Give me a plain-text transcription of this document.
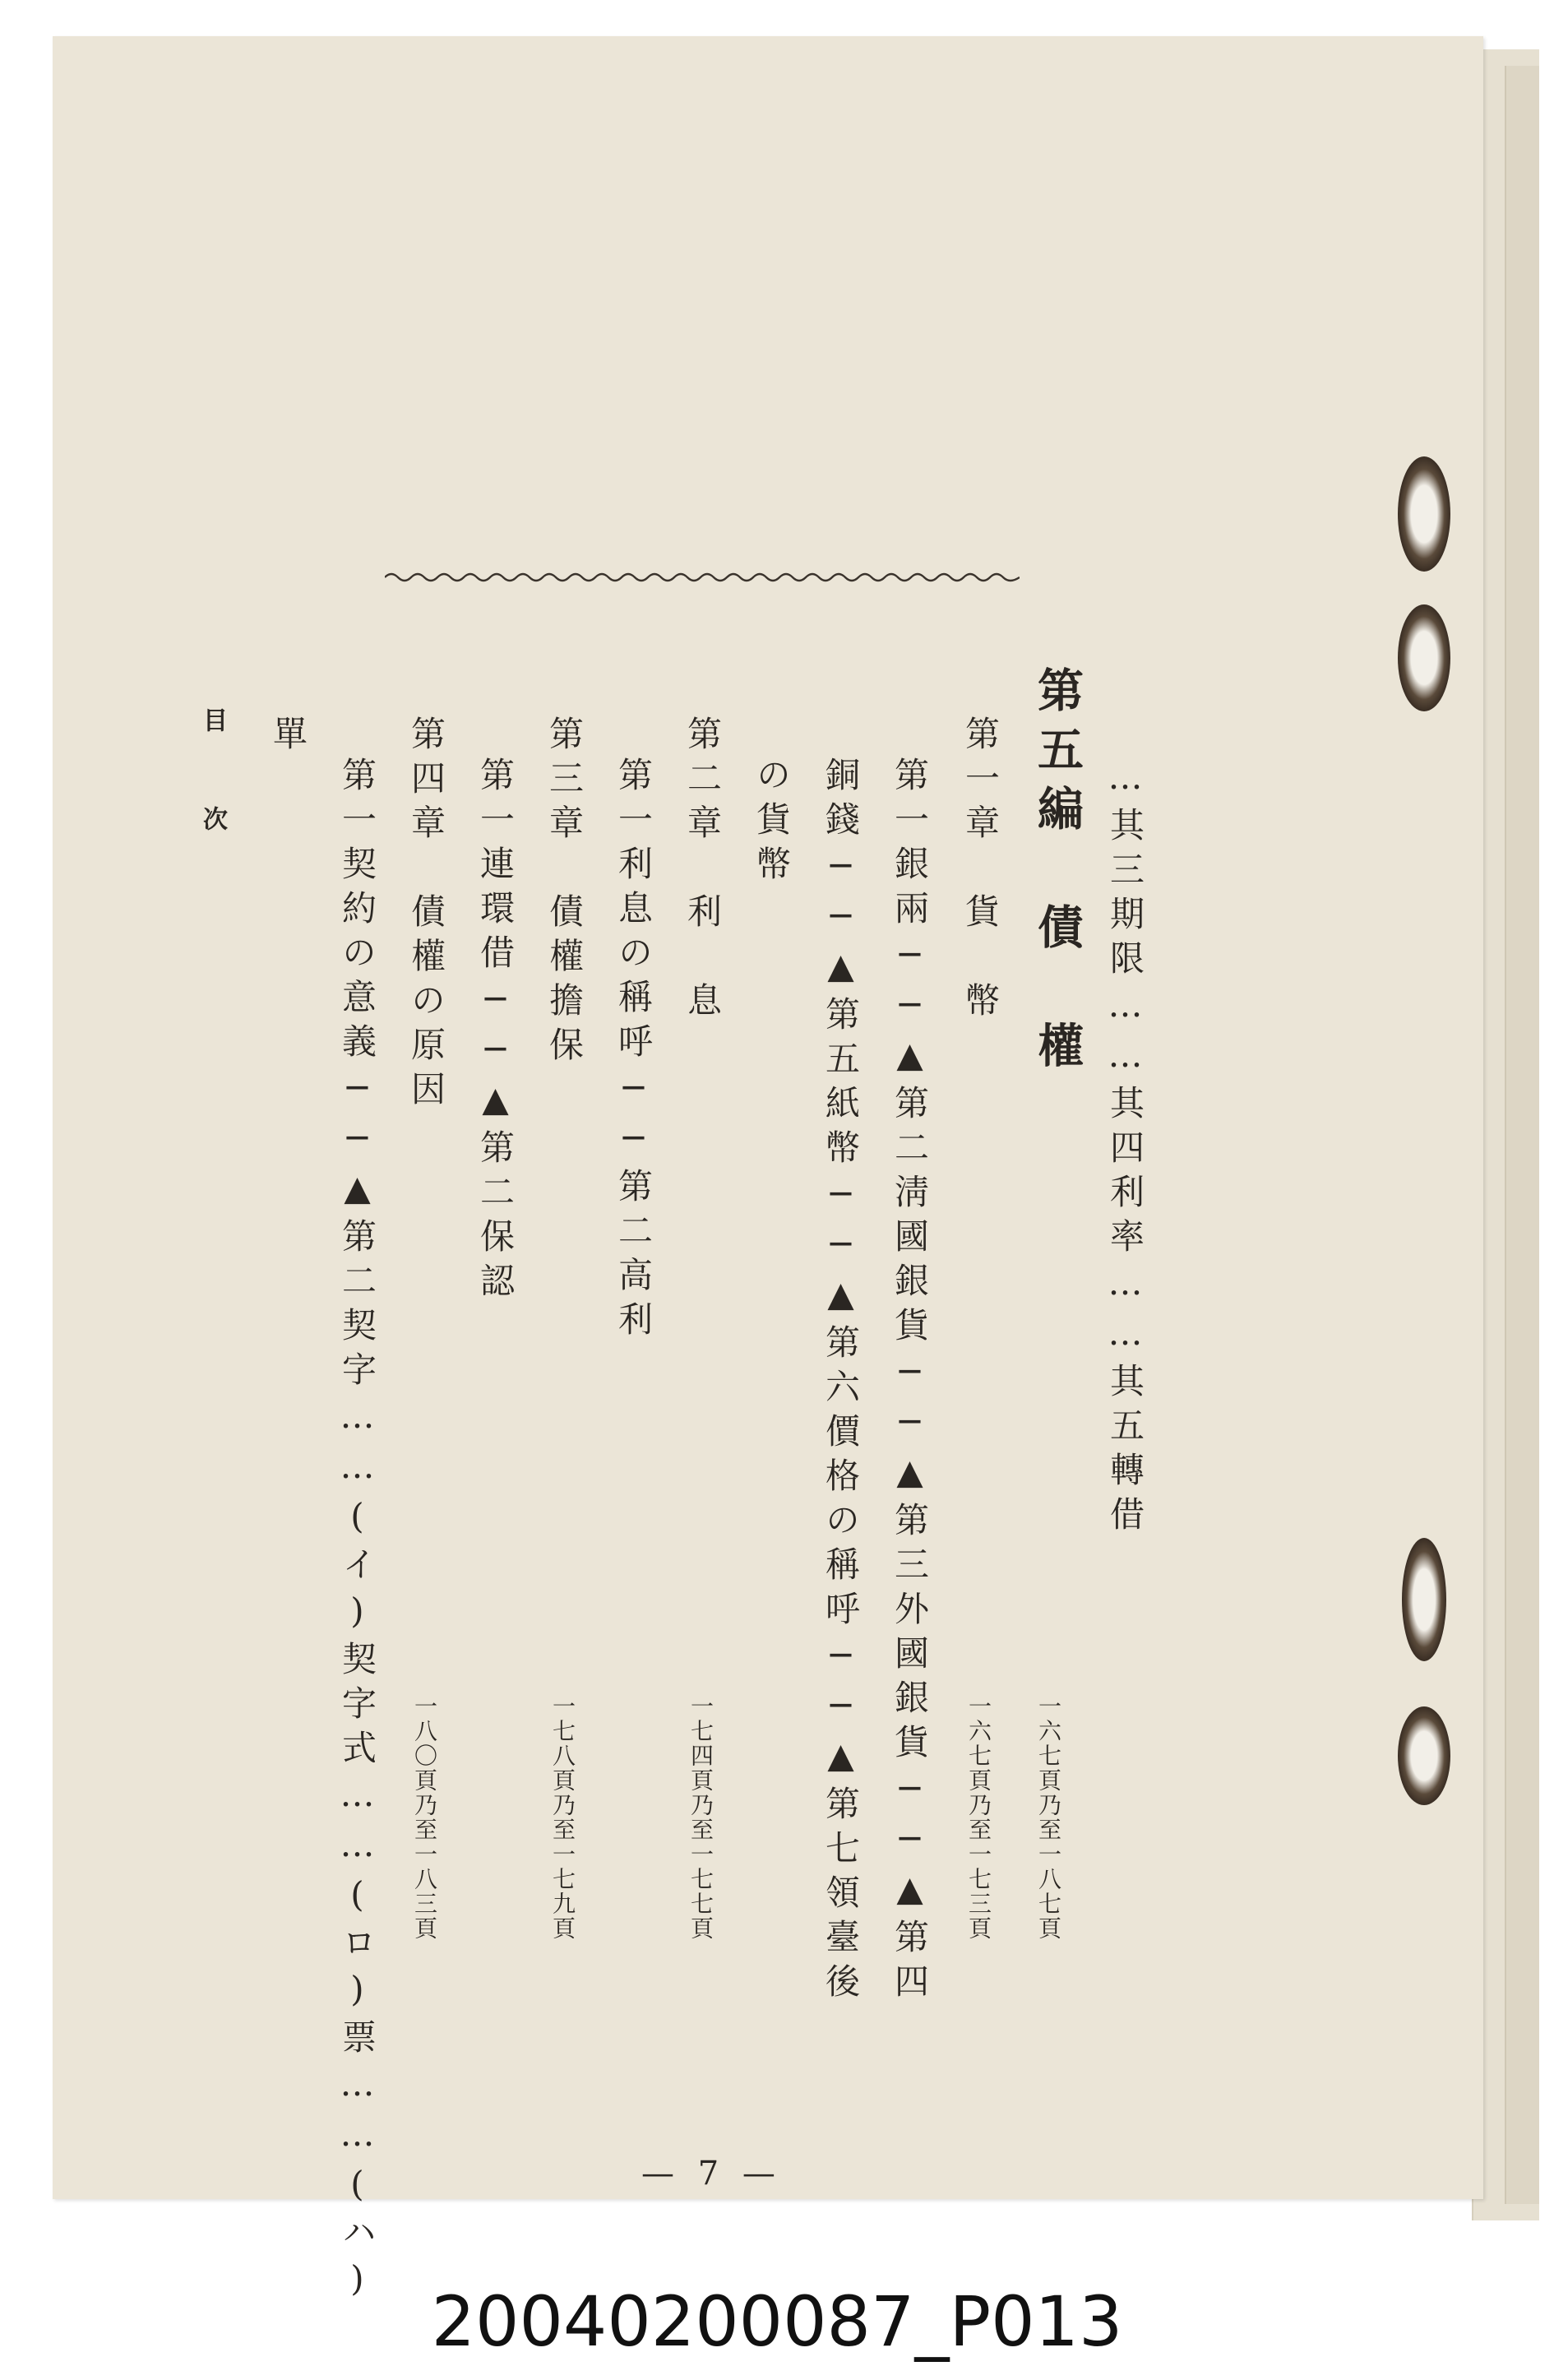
…其三期限……其四利率……其五轉借
第五編　債　權
一六七頁乃至一八七頁
第一章　貨　幣
一六七頁乃至一七三頁
第一銀兩──▲第二淸國銀貨──▲第三外國銀貨──▲第四
銅錢──▲第五紙幣──▲第六價格の稱呼──▲第七領臺後
の貨幣
第二章　利　息
一七四頁乃至一七七頁
第一利息の稱呼──第二高利
第三章　債權擔保
一七八頁乃至一七九頁
第一連環借──▲第二保認
第四章　債權の原因
一八〇頁乃至一八三頁
第一契約の意義──▲第二契字……(イ)契字式……(ロ)票……(ハ)
單
目　次
— 7 —
20040200087_P013
